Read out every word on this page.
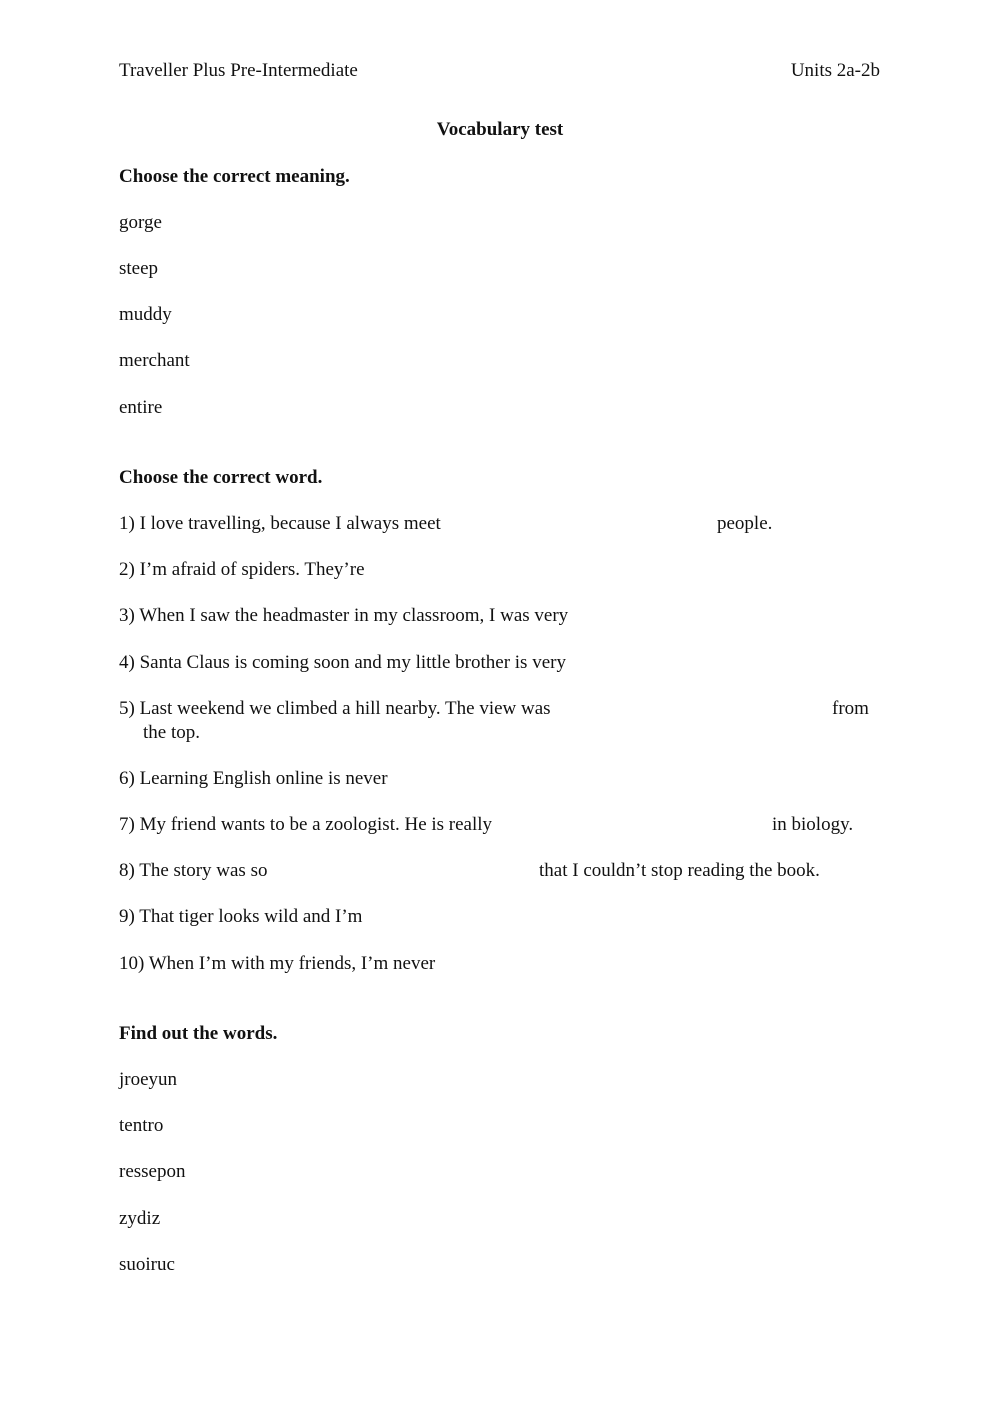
Traveller Plus Pre-Intermediate	Units 2a-2b
Vocabulary test
Choose the correct meaning.
gorge
steep
muddy
merchant
entire
Choose the correct word.
1) I love travelling, because I always meet	people.
2) I’m afraid of spiders. They’re
3) When I saw the headmaster in my classroom, I was very
4) Santa Claus is coming soon and my little brother is very
5) Last weekend we climbed a hill nearby. The view was	from
the top.
6) Learning English online is never
7) My friend wants to be a zoologist. He is really	in biology.
8) The story was so	that I couldn’t stop reading the book.
9) That tiger looks wild and I’m
10) When I’m with my friends, I’m never
Find out the words.
jroeyun
tentro
ressepon
zydiz
suoiruc
